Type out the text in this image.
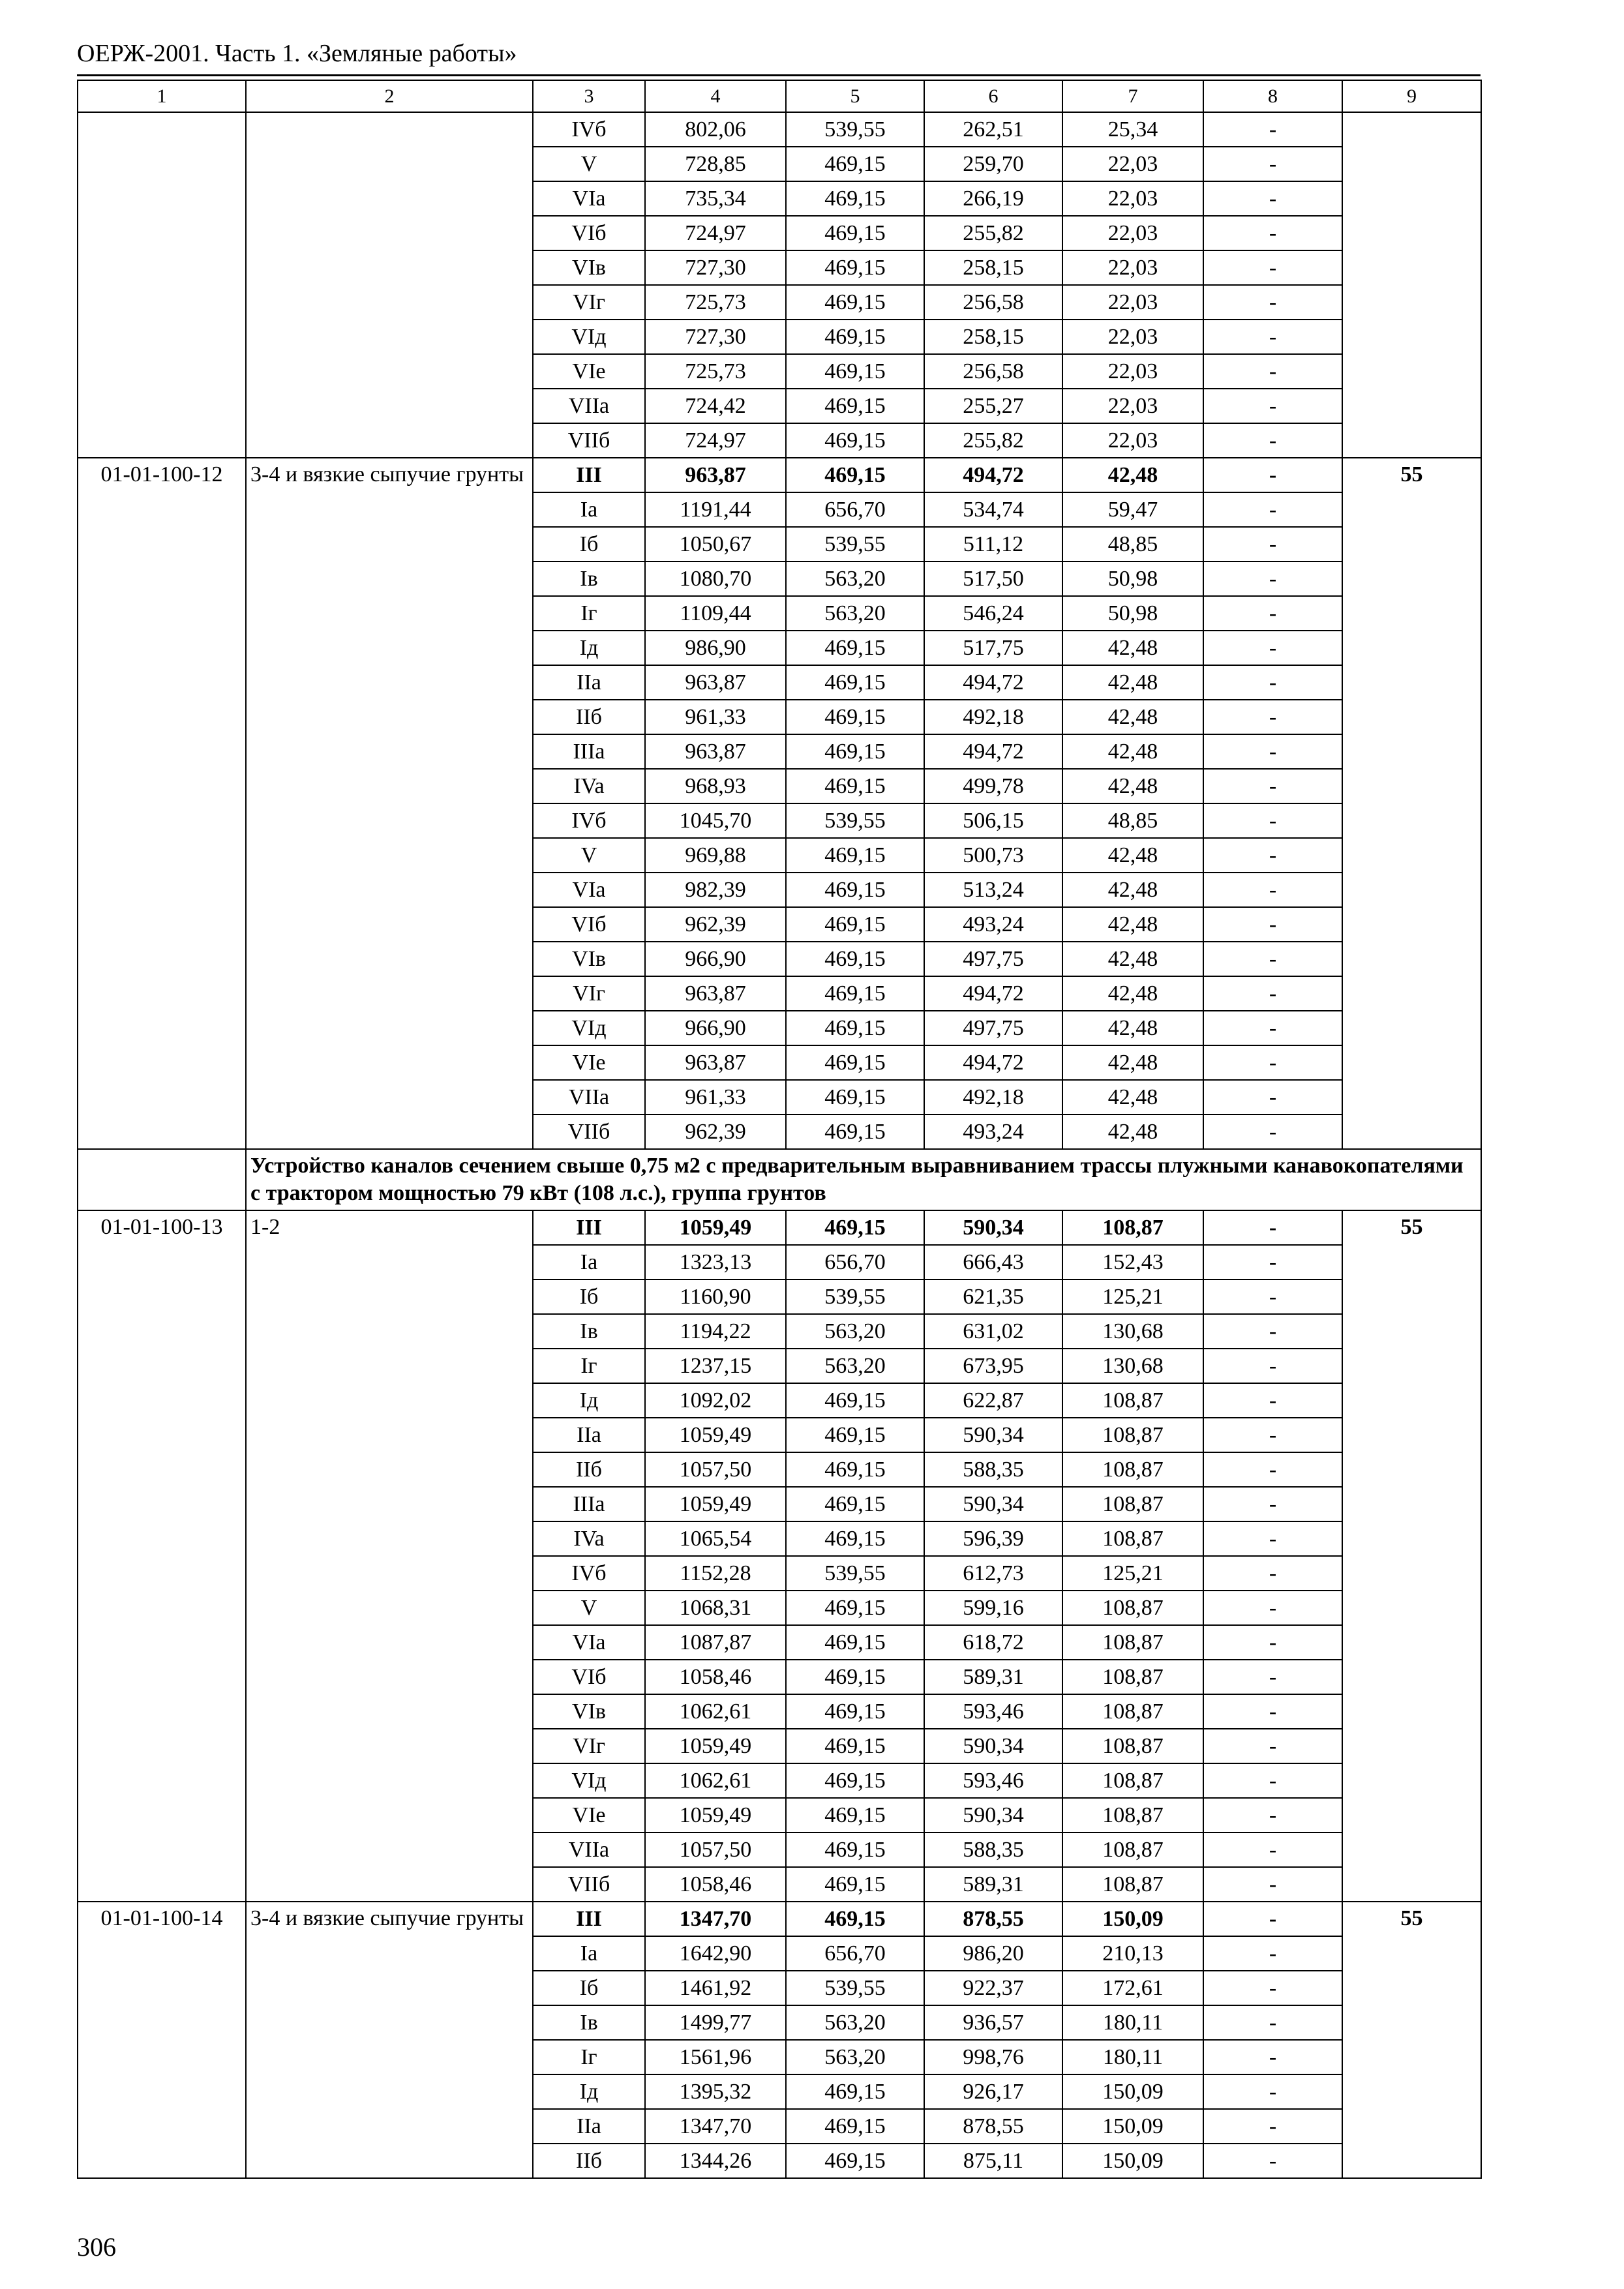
ОЕРЖ-2001. Часть 1. «Земляные работы»
1	2	3	4	5	6	7	8	9
		IVб	802,06	539,55	262,51	25,34	-	
		V	728,85	469,15	259,70	22,03	-	
		VIa	735,34	469,15	266,19	22,03	-	
		VIб	724,97	469,15	255,82	22,03	-	
		VIв	727,30	469,15	258,15	22,03	-	
		VIг	725,73	469,15	256,58	22,03	-	
		VIд	727,30	469,15	258,15	22,03	-	
		VIe	725,73	469,15	256,58	22,03	-	
		VIIa	724,42	469,15	255,27	22,03	-	
		VIIб	724,97	469,15	255,82	22,03	-	
01-01-100-12	3-4 и вязкие сыпучие грунты	III	963,87	469,15	494,72	42,48	-	55
		Ia	1191,44	656,70	534,74	59,47	-	
		Iб	1050,67	539,55	511,12	48,85	-	
		Iв	1080,70	563,20	517,50	50,98	-	
		Iг	1109,44	563,20	546,24	50,98	-	
		Iд	986,90	469,15	517,75	42,48	-	
		IIa	963,87	469,15	494,72	42,48	-	
		IIб	961,33	469,15	492,18	42,48	-	
		IIIa	963,87	469,15	494,72	42,48	-	
		IVa	968,93	469,15	499,78	42,48	-	
		IVб	1045,70	539,55	506,15	48,85	-	
		V	969,88	469,15	500,73	42,48	-	
		VIa	982,39	469,15	513,24	42,48	-	
		VIб	962,39	469,15	493,24	42,48	-	
		VIв	966,90	469,15	497,75	42,48	-	
		VIг	963,87	469,15	494,72	42,48	-	
		VIд	966,90	469,15	497,75	42,48	-	
		VIe	963,87	469,15	494,72	42,48	-	
		VIIa	961,33	469,15	492,18	42,48	-	
		VIIб	962,39	469,15	493,24	42,48	-	
	Устройство каналов сечением свыше 0,75 м2 с предварительным выравниванием трассы плужными канавокопателями с трактором мощностью 79 кВт (108 л.с.), группа грунтов							
01-01-100-13	1-2	III	1059,49	469,15	590,34	108,87	-	55
		Ia	1323,13	656,70	666,43	152,43	-	
		Iб	1160,90	539,55	621,35	125,21	-	
		Iв	1194,22	563,20	631,02	130,68	-	
		Iг	1237,15	563,20	673,95	130,68	-	
		Iд	1092,02	469,15	622,87	108,87	-	
		IIa	1059,49	469,15	590,34	108,87	-	
		IIб	1057,50	469,15	588,35	108,87	-	
		IIIa	1059,49	469,15	590,34	108,87	-	
		IVa	1065,54	469,15	596,39	108,87	-	
		IVб	1152,28	539,55	612,73	125,21	-	
		V	1068,31	469,15	599,16	108,87	-	
		VIa	1087,87	469,15	618,72	108,87	-	
		VIб	1058,46	469,15	589,31	108,87	-	
		VIв	1062,61	469,15	593,46	108,87	-	
		VIг	1059,49	469,15	590,34	108,87	-	
		VIд	1062,61	469,15	593,46	108,87	-	
		VIe	1059,49	469,15	590,34	108,87	-	
		VIIa	1057,50	469,15	588,35	108,87	-	
		VIIб	1058,46	469,15	589,31	108,87	-	
01-01-100-14	3-4 и вязкие сыпучие грунты	III	1347,70	469,15	878,55	150,09	-	55
		Ia	1642,90	656,70	986,20	210,13	-	
		Iб	1461,92	539,55	922,37	172,61	-	
		Iв	1499,77	563,20	936,57	180,11	-	
		Iг	1561,96	563,20	998,76	180,11	-	
		Iд	1395,32	469,15	926,17	150,09	-	
		IIa	1347,70	469,15	878,55	150,09	-	
		IIб	1344,26	469,15	875,11	150,09	-	
306
